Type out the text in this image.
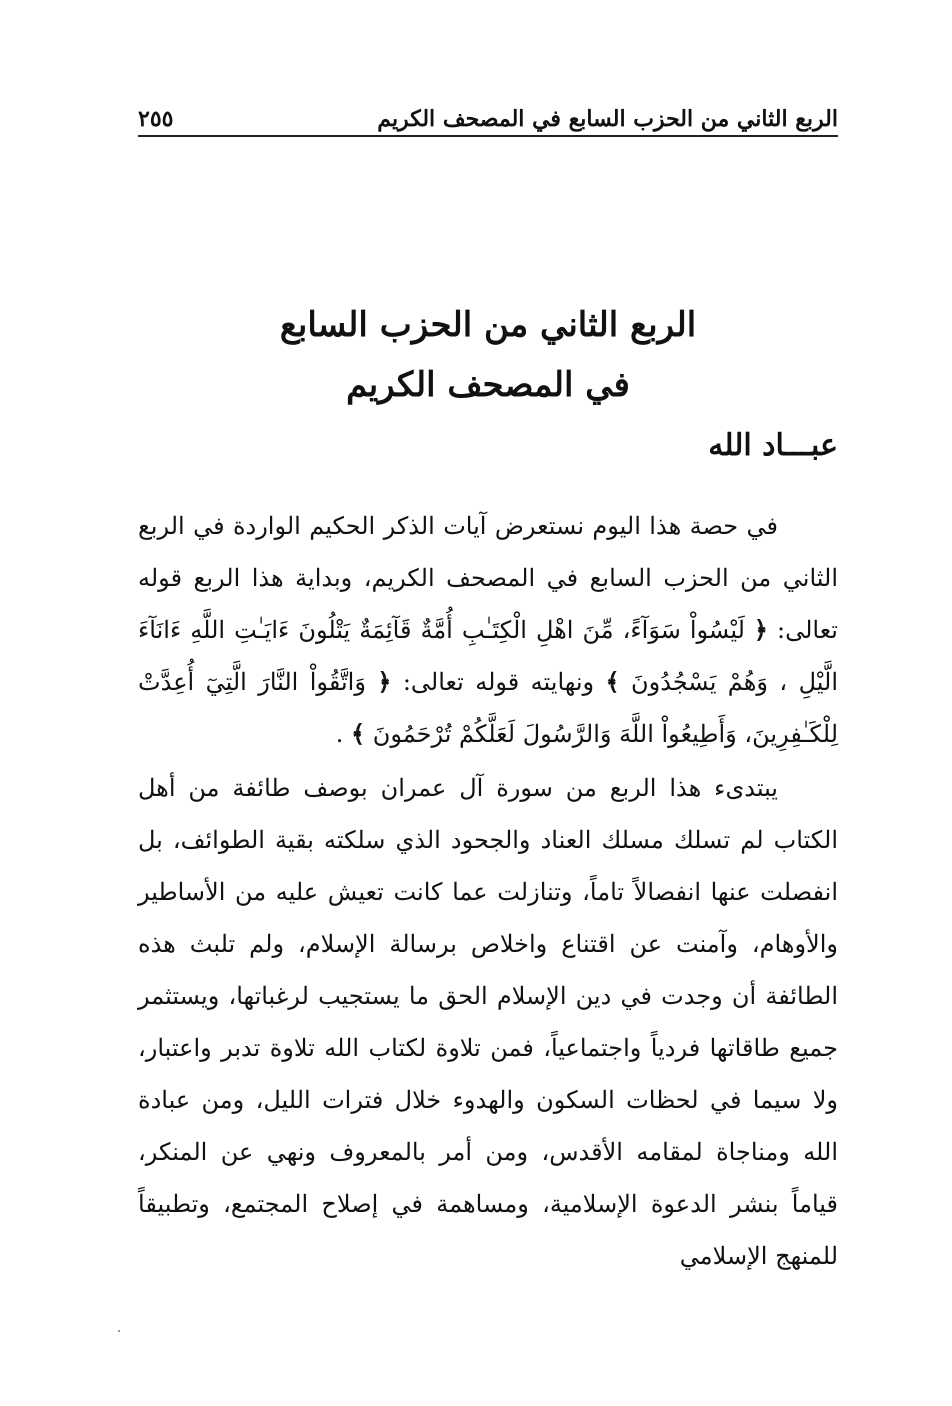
الربع الثاني من الحزب السابع في المصحف الكريم
٢٥٥
الربع الثاني من الحزب السابع
في المصحف الكريم
عبـــاد الله

في حصة هذا اليوم نستعرض آيات الذكر الحكيم الواردة في الربع الثاني من الحزب السابع في المصحف الكريم، وبداية هذا الربع قوله تعالى: ﴿ لَيْسُواْ سَوَآءً، مِّنَ اهْلِ الْكِتَـٰبِ أُمَّةٌ قَآئِمَةٌ يَتْلُونَ ءَايَـٰتِ اللَّهِ ءَانَآءَ الَّيْلِ ، وَهُمْ يَسْجُدُونَ ﴾ ونهايته قوله تعالى: ﴿ وَاتَّقُواْ النَّارَ الَّتِيٓ أُعِدَّتْ لِلْكَـٰفِرِينَ، وَأَطِيعُواْ اللَّهَ وَالرَّسُولَ لَعَلَّكُمْ تُرْحَمُونَ ﴾ .

يبتدىء هذا الربع من سورة آل عمران بوصف طائفة من أهل الكتاب لم تسلك مسلك العناد والجحود الذي سلكته بقية الطوائف، بل انفصلت عنها انفصالاً تاماً، وتنازلت عما كانت تعيش عليه من الأساطير والأوهام، وآمنت عن اقتناع واخلاص برسالة الإسلام، ولم تلبث هذه الطائفة أن وجدت في دين الإسلام الحق ما يستجيب لرغباتها، ويستثمر جميع طاقاتها فردياً واجتماعياً، فمن تلاوة لكتاب الله تلاوة تدبر واعتبار، ولا سيما في لحظات السكون والهدوء خلال فترات الليل، ومن عبادة الله ومناجاة لمقامه الأقدس، ومن أمر بالمعروف ونهي عن المنكر، قياماً بنشر الدعوة الإسلامية، ومساهمة في إصلاح المجتمع، وتطبيقاً للمنهج الإسلامي
